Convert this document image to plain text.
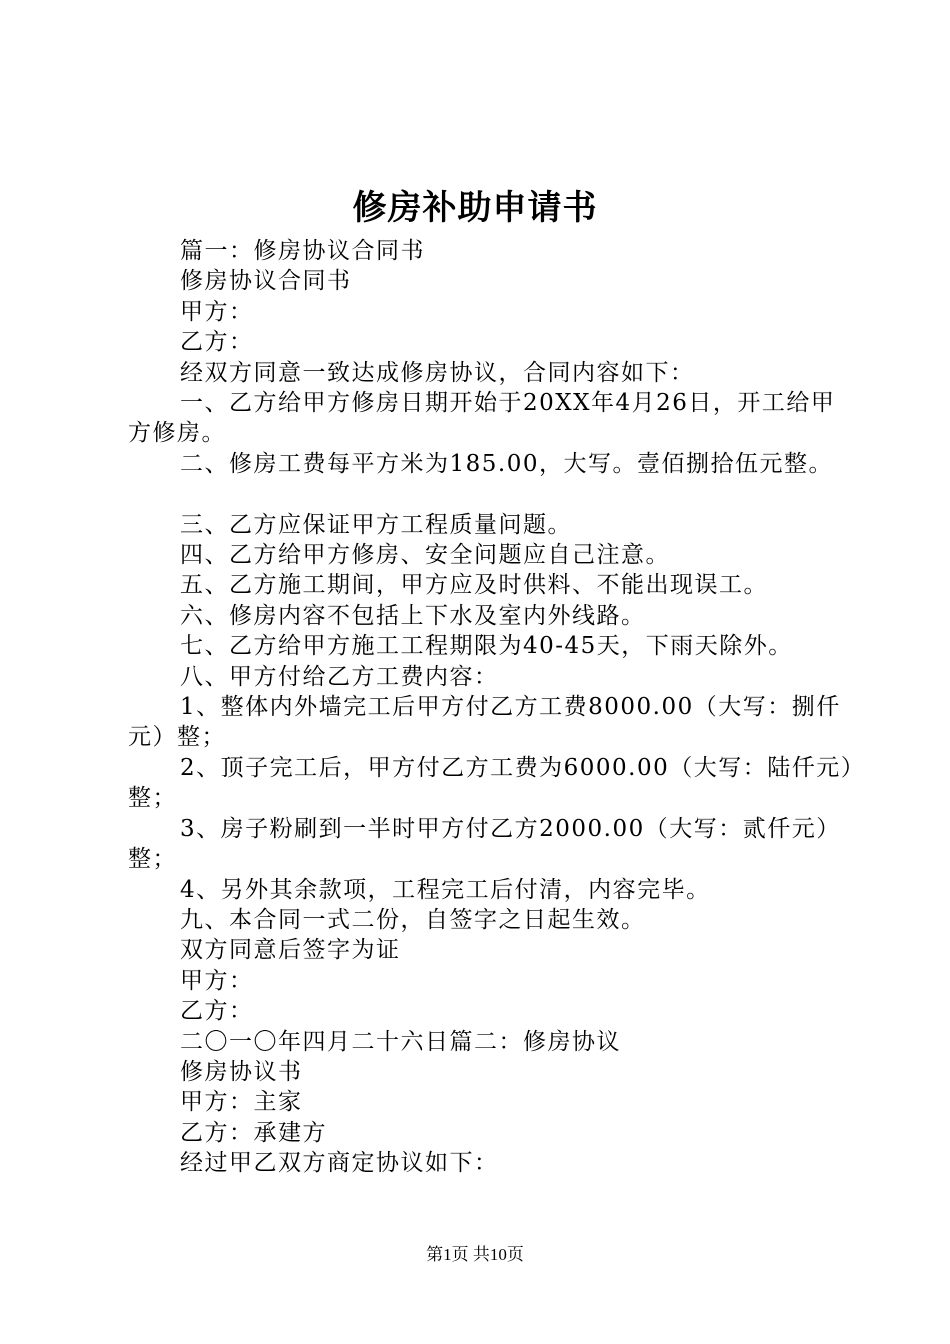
修房补助申请书

篇一：修房协议合同书

修房协议合同书

甲方：

乙方：

经双方同意一致达成修房协议，合同内容如下：

一、乙方给甲方修房日期开始于20XX年4月26日，开工给甲方修房。

二、修房工费每平方米为185.00，大写。壹佰捌拾伍元整。

三、乙方应保证甲方工程质量问题。

四、乙方给甲方修房、安全问题应自己注意。

五、乙方施工期间，甲方应及时供料、不能出现误工。

六、修房内容不包括上下水及室内外线路。

七、乙方给甲方施工工程期限为40-45天，下雨天除外。

八、甲方付给乙方工费内容：

1、整体内外墙完工后甲方付乙方工费8000.00（大写：捌仟元）整；

2、顶子完工后，甲方付乙方工费为6000.00（大写：陆仟元）整；

3、房子粉刷到一半时甲方付乙方2000.00（大写：贰仟元）整；

4、另外其余款项，工程完工后付清，内容完毕。

九、本合同一式二份，自签字之日起生效。

双方同意后签字为证

甲方：

乙方：

二〇一〇年四月二十六日篇二：修房协议

修房协议书

甲方：主家

乙方：承建方

经过甲乙双方商定协议如下：

第1页 共10页
